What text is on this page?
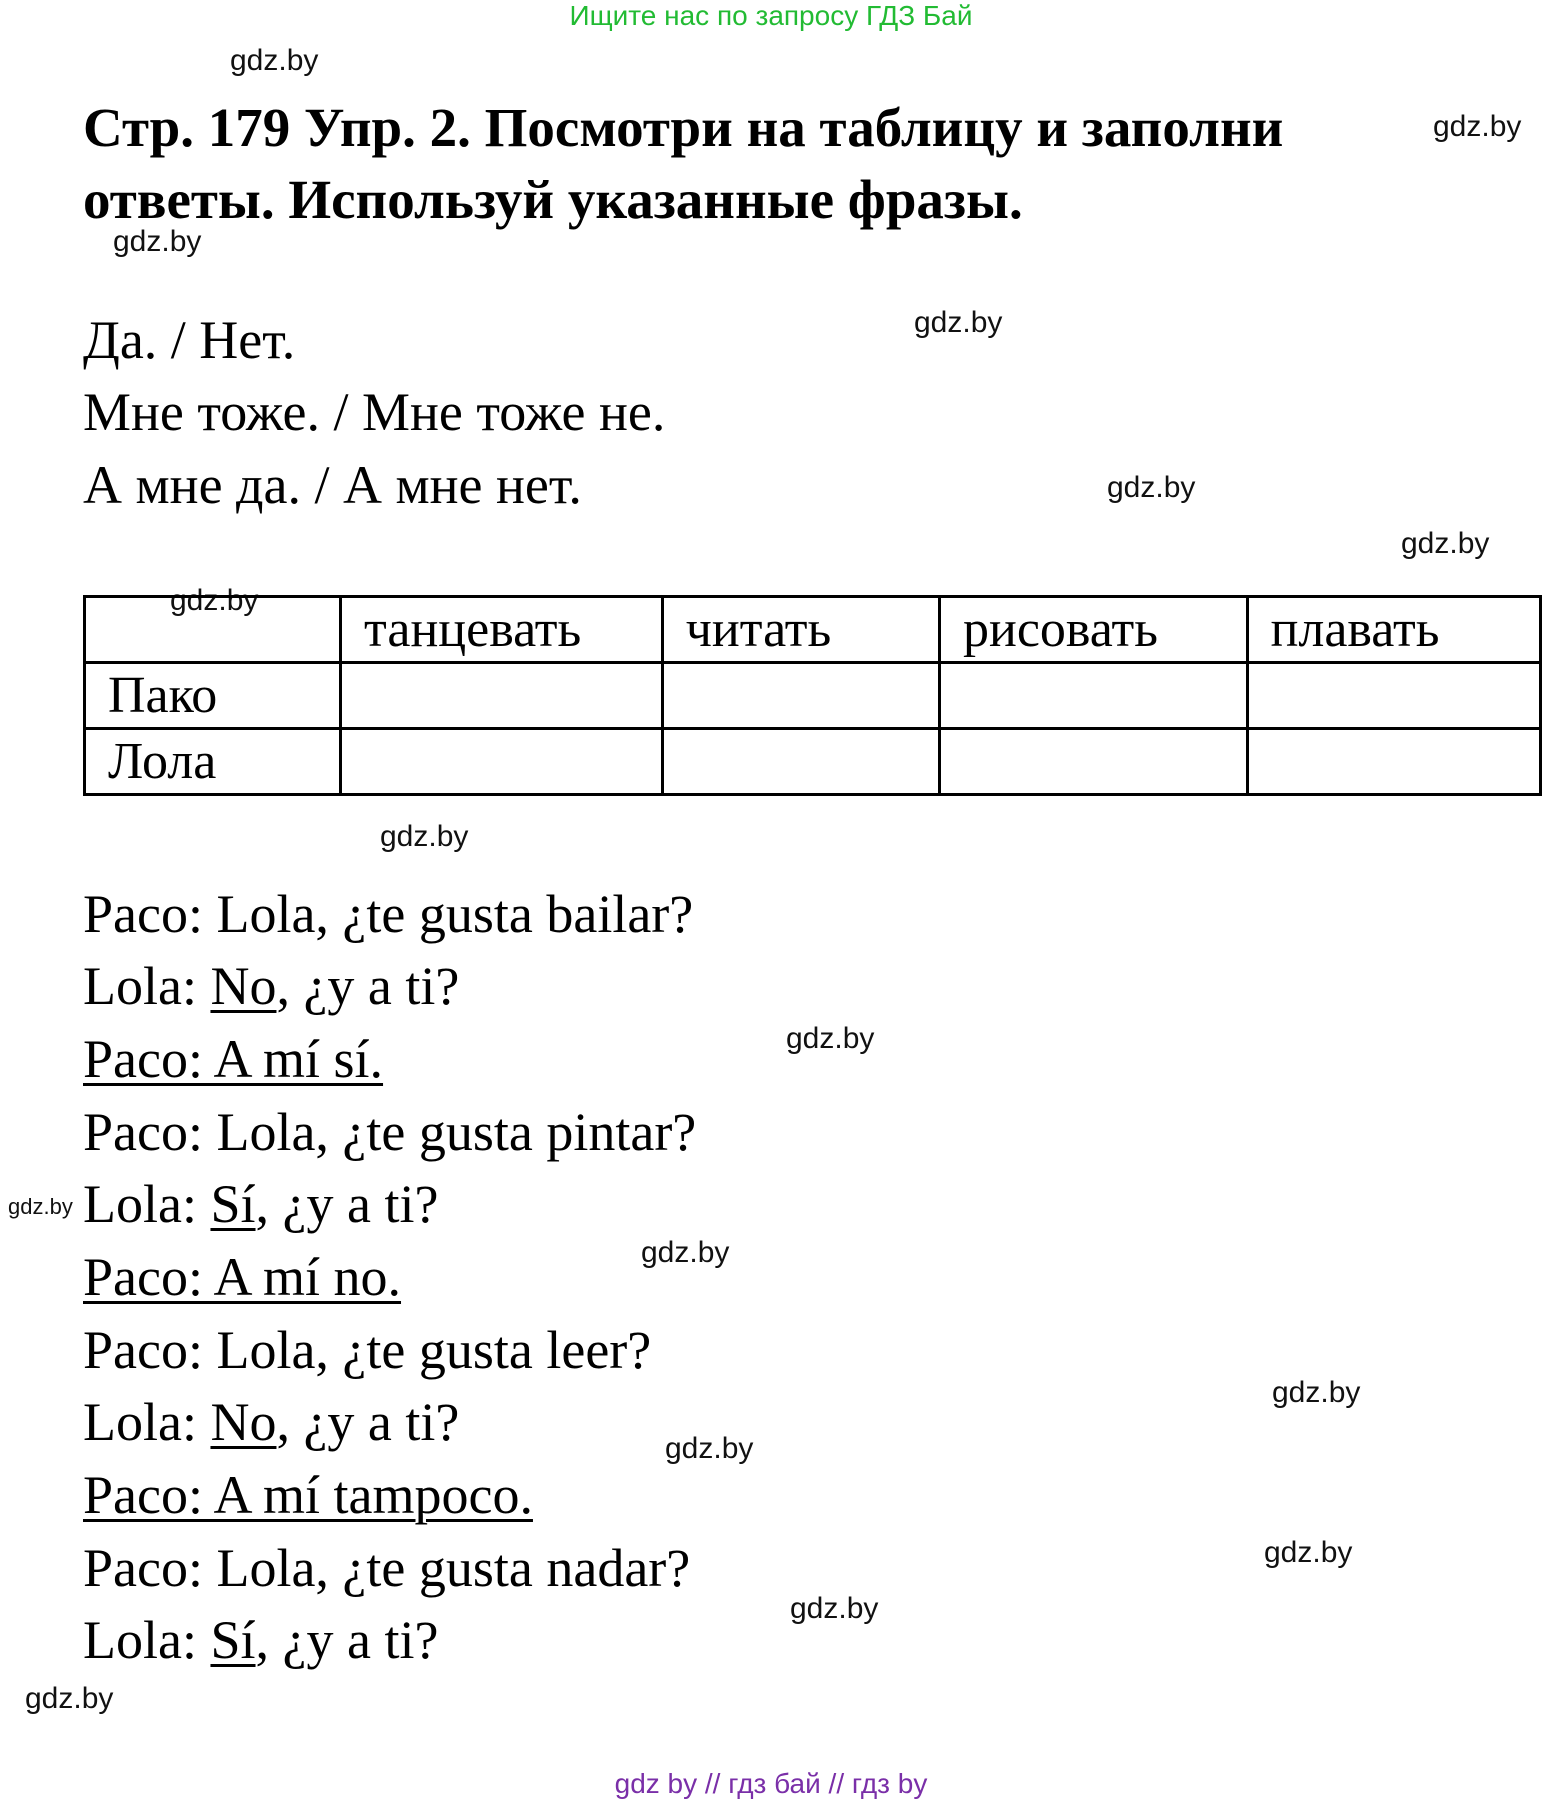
Ищите нас по запросу ГДЗ Бай
gdz.by
gdz.by
gdz.by
gdz.by
gdz.by
gdz.by
gdz.by
gdz.by
gdz.by
gdz.by
gdz.by
gdz.by
gdz.by
gdz.by
gdz.by
gdz.by
Стр. 179 Упр. 2. Посмотри на таблицу и заполни ответы. Используй указанные фразы.
Да. / Нет.
Мне тоже. / Мне тоже не.
А мне да. / А мне нет.
	танцевать	читать	рисовать	плавать
Пако				
Лола				
Paco: Lola, ¿te gusta bailar?
Lola: No, ¿y a ti?
Paco: A mí sí.
Paco: Lola, ¿te gusta pintar?
Lola: Sí, ¿y a ti?
Paco: A mí no.
Paco: Lola, ¿te gusta leer?
Lola: No, ¿y a ti?
Paco: A mí tampoco.
Paco: Lola, ¿te gusta nadar?
Lola: Sí, ¿y a ti?
gdz by // гдз бай // гдз by
